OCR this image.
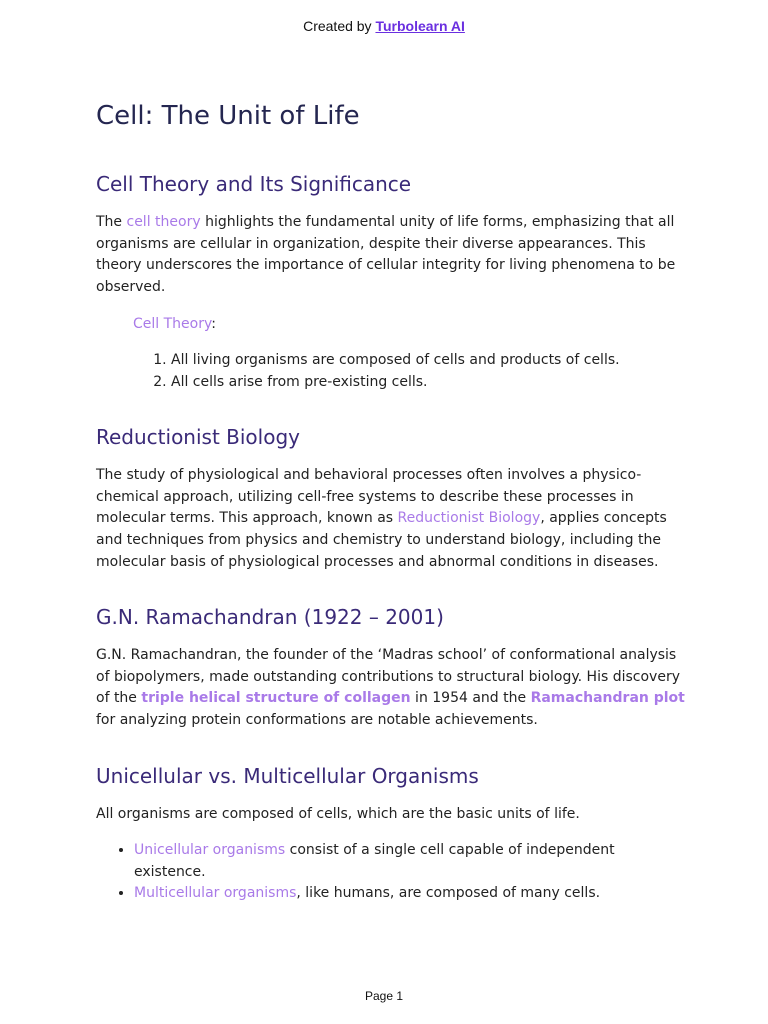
Created by Turbolearn AI
Cell: The Unit of Life
Cell Theory and Its Significance

The cell theory highlights the fundamental unity of life forms, emphasizing that all organisms are cellular in organization, despite their diverse appearances. This theory underscores the importance of cellular integrity for living phenomena to be observed.

Cell Theory:

1. All living organisms are composed of cells and products of cells.
2. All cells arise from pre-existing cells.
Reductionist Biology

The study of physiological and behavioral processes often involves a physico-chemical approach, utilizing cell-free systems to describe these processes in molecular terms. This approach, known as Reductionist Biology, applies concepts and techniques from physics and chemistry to understand biology, including the molecular basis of physiological processes and abnormal conditions in diseases.

G.N. Ramachandran (1922 – 2001)

G.N. Ramachandran, the founder of the ‘Madras school’ of conformational analysis of biopolymers, made outstanding contributions to structural biology. His discovery of the triple helical structure of collagen in 1954 and the Ramachandran plot for analyzing protein conformations are notable achievements.

Unicellular vs. Multicellular Organisms

All organisms are composed of cells, which are the basic units of life.

• Unicellular organisms consist of a single cell capable of independent existence.
• Multicellular organisms, like humans, are composed of many cells.
Page 1
